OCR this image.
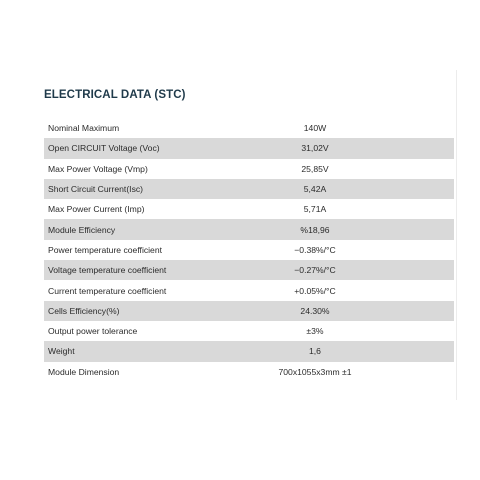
ELECTRICAL DATA (STC)
Nominal Maximum	140W
Open CIRCUIT Voltage (Voc)	31,02V
Max Power Voltage (Vmp)	25,85V
Short Circuit Current(Isc)	5,42A
Max Power Current (Imp)	5,71A
Module Efficiency	%18,96
Power temperature coefficient	−0.38%/°C
Voltage temperature coefficient	−0.27%/°C
Current temperature coefficient	+0.05%/°C
Cells Efficiency(%)	24.30%
Output power tolerance	±3%
Weight	1,6
Module Dimension	700x1055x3mm ±1
